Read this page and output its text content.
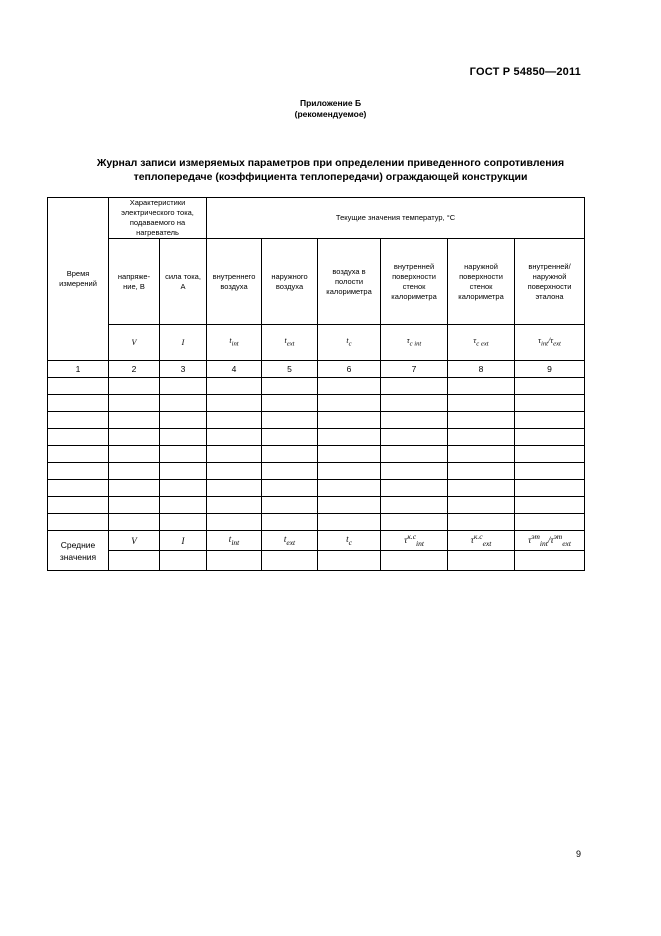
ГОСТ Р 54850—2011
Приложение Б
(рекомендуемое)
Журнал записи измеряемых параметров при определении приведенного сопротивления
теплопередаче (коэффициента теплопередачи) ограждающей конструкции
Время измерений	Характеристики электрического тока, подаваемого на нагреватель		Текущие значения температур, °С					
	напряже-ние, В	сила тока, А	внутреннего воздуха	наружного воздуха	воздуха в полости калориметра	внутренней поверхности стенок калориметра	наружной поверхности стенок калориметра	внутренней/ наружной поверхности эталона
	V	I	$t_{int}$	$t_{ext}$	$t_c$	$\tau_{c int}$	$\tau_{c ext}$	$\tau_{int}/\tau_{ext}$
1	2	3	4	5	6	7	8	9

Средние значения	V	I	$t_{int}$	$t_{ext}$	$t_c$	$\tau^{к.с}_{int}$	$\tau^{к.с}_{ext}$	$\tau^{эт}_{int}/\tau^{эт}_{ext}$

9
